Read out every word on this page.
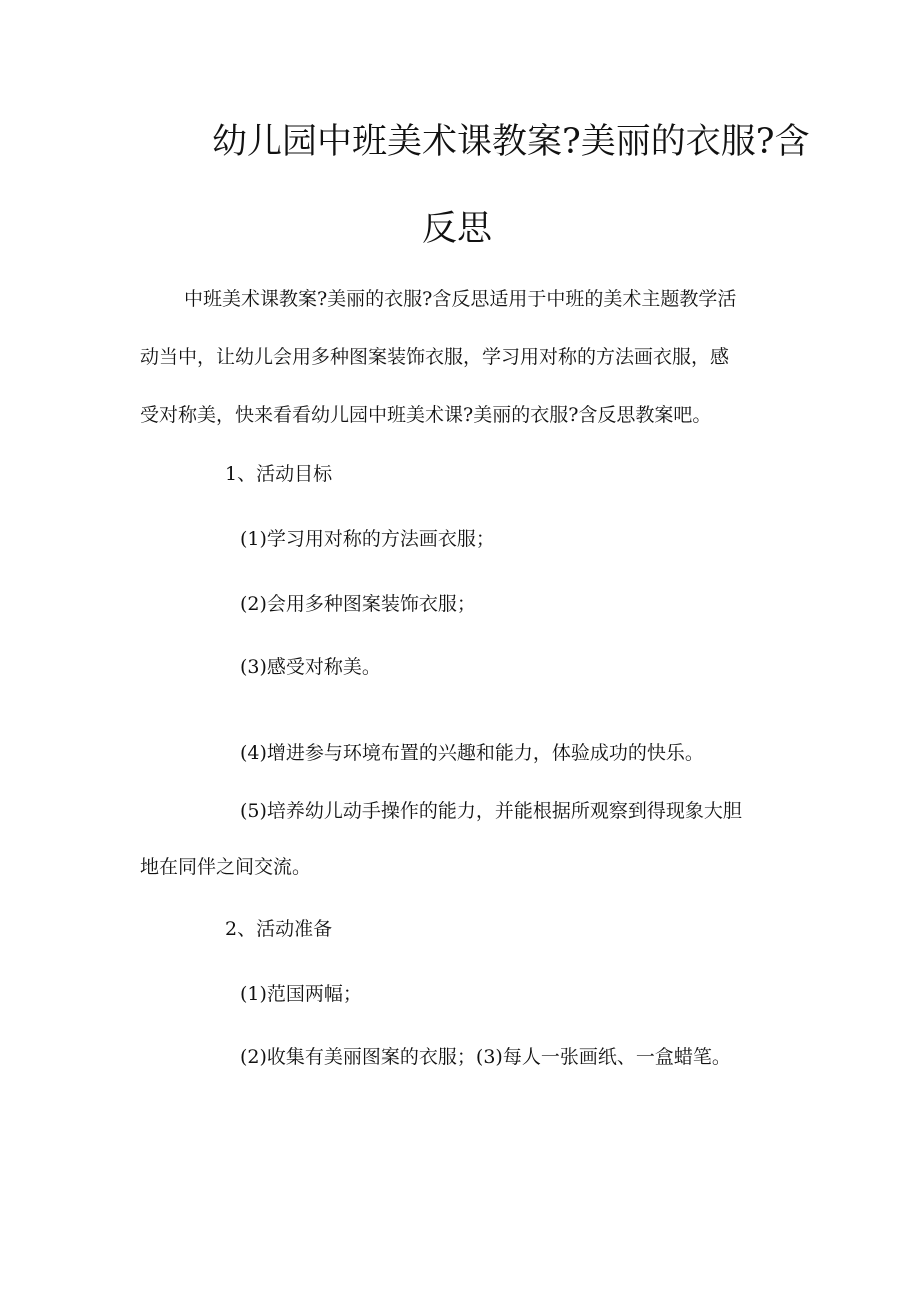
幼儿园中班美术课教案?美丽的衣服?含
反思

中班美术课教案?美丽的衣服?含反思适用于中班的美术主题教学活

动当中，让幼儿会用多种图案装饰衣服，学习用对称的方法画衣服，感

受对称美，快来看看幼儿园中班美术课?美丽的衣服?含反思教案吧。

1、活动目标

(1)学习用对称的方法画衣服；

(2)会用多种图案装饰衣服；

(3)感受对称美。

(4)增进参与环境布置的兴趣和能力，体验成功的快乐。

(5)培养幼儿动手操作的能力，并能根据所观察到得现象大胆

地在同伴之间交流。

2、活动准备

(1)范国两幅；

(2)收集有美丽图案的衣服；(3)每人一张画纸、一盒蜡笔。
